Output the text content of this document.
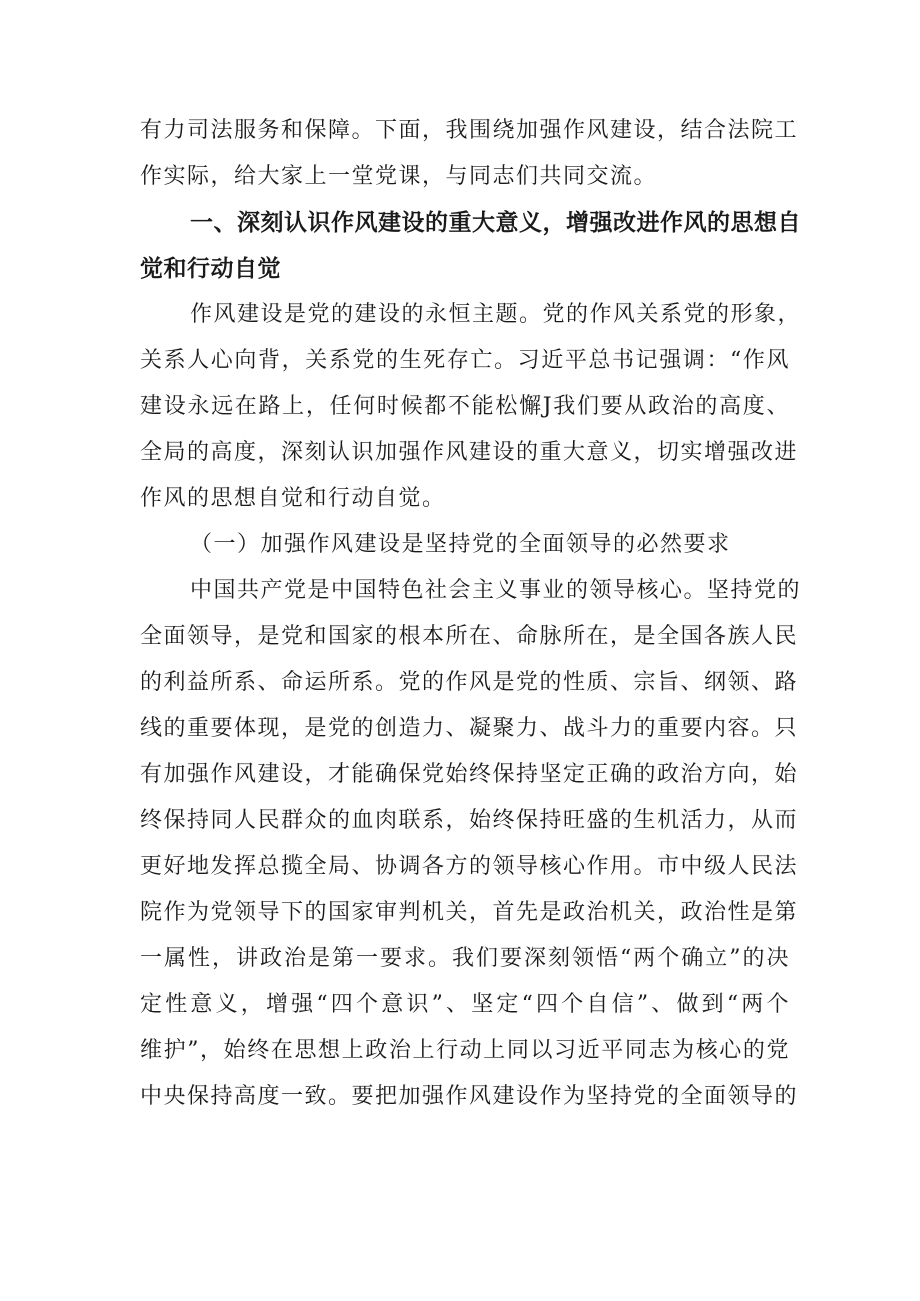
有力司法服务和保障。下面，我围绕加强作风建设，结合法院工
作实际，给大家上一堂党课，与同志们共同交流。
一、深刻认识作风建设的重大意义，增强改进作风的思想自
觉和行动自觉
作风建设是党的建设的永恒主题。党的作风关系党的形象，
关系人心向背，关系党的生死存亡。习近平总书记强调：“作风
建设永远在路上，任何时候都不能松懈J我们要从政治的高度、
全局的高度，深刻认识加强作风建设的重大意义，切实增强改进
作风的思想自觉和行动自觉。
（一）加强作风建设是坚持党的全面领导的必然要求
中国共产党是中国特色社会主义事业的领导核心。坚持党的
全面领导，是党和国家的根本所在、命脉所在，是全国各族人民
的利益所系、命运所系。党的作风是党的性质、宗旨、纲领、路
线的重要体现，是党的创造力、凝聚力、战斗力的重要内容。只
有加强作风建设，才能确保党始终保持坚定正确的政治方向，始
终保持同人民群众的血肉联系，始终保持旺盛的生机活力，从而
更好地发挥总揽全局、协调各方的领导核心作用。市中级人民法
院作为党领导下的国家审判机关，首先是政治机关，政治性是第
一属性，讲政治是第一要求。我们要深刻领悟“两个确立”的决
定性意义，增强“四个意识”、坚定“四个自信”、做到“两个
维护”，始终在思想上政治上行动上同以习近平同志为核心的党
中央保持高度一致。要把加强作风建设作为坚持党的全面领导的
